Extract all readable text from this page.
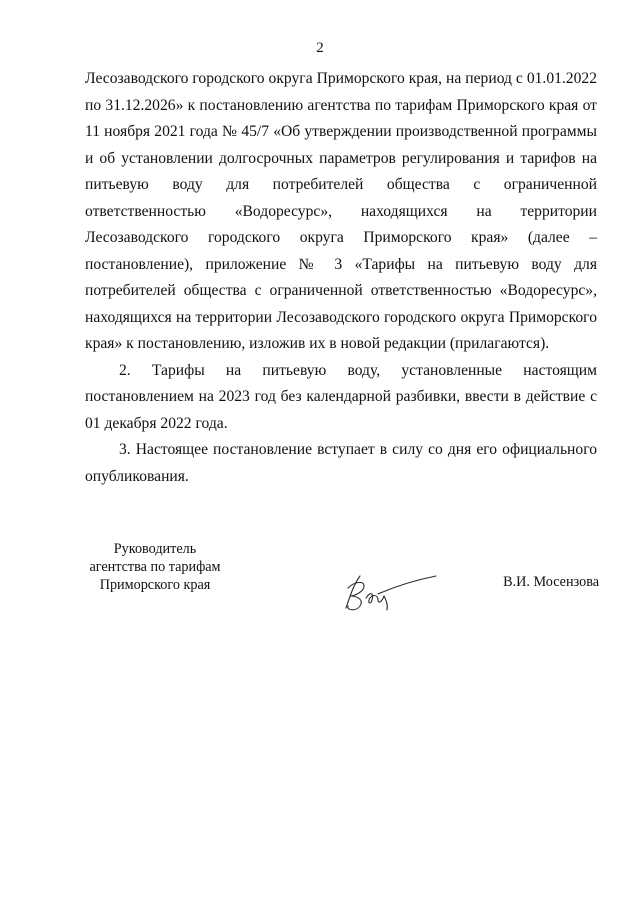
2

Лесозаводского городского округа Приморского края, на период с 01.01.2022 по 31.12.2026» к постановлению агентства по тарифам Приморского края от 11 ноября 2021 года № 45/7 «Об утверждении производственной программы и об установлении долгосрочных параметров регулирования и тарифов на питьевую воду для потребителей общества с ограниченной ответственностью «Водоресурс», находящихся на территории Лесозаводского городского округа Приморского края» (далее – постановление), приложение № 3 «Тарифы на питьевую воду для потребителей общества с ограниченной ответственностью «Водоресурс», находящихся на территории Лесозаводского городского округа Приморского края» к постановлению, изложив их в новой редакции (прилагаются).

2. Тарифы на питьевую воду, установленные настоящим постановлением на 2023 год без календарной разбивки, ввести в действие с 01 декабря 2022 года.

3. Настоящее постановление вступает в силу со дня его официального опубликования.

Руководитель
агентства по тарифам
Приморского края	В.И. Мосензова
